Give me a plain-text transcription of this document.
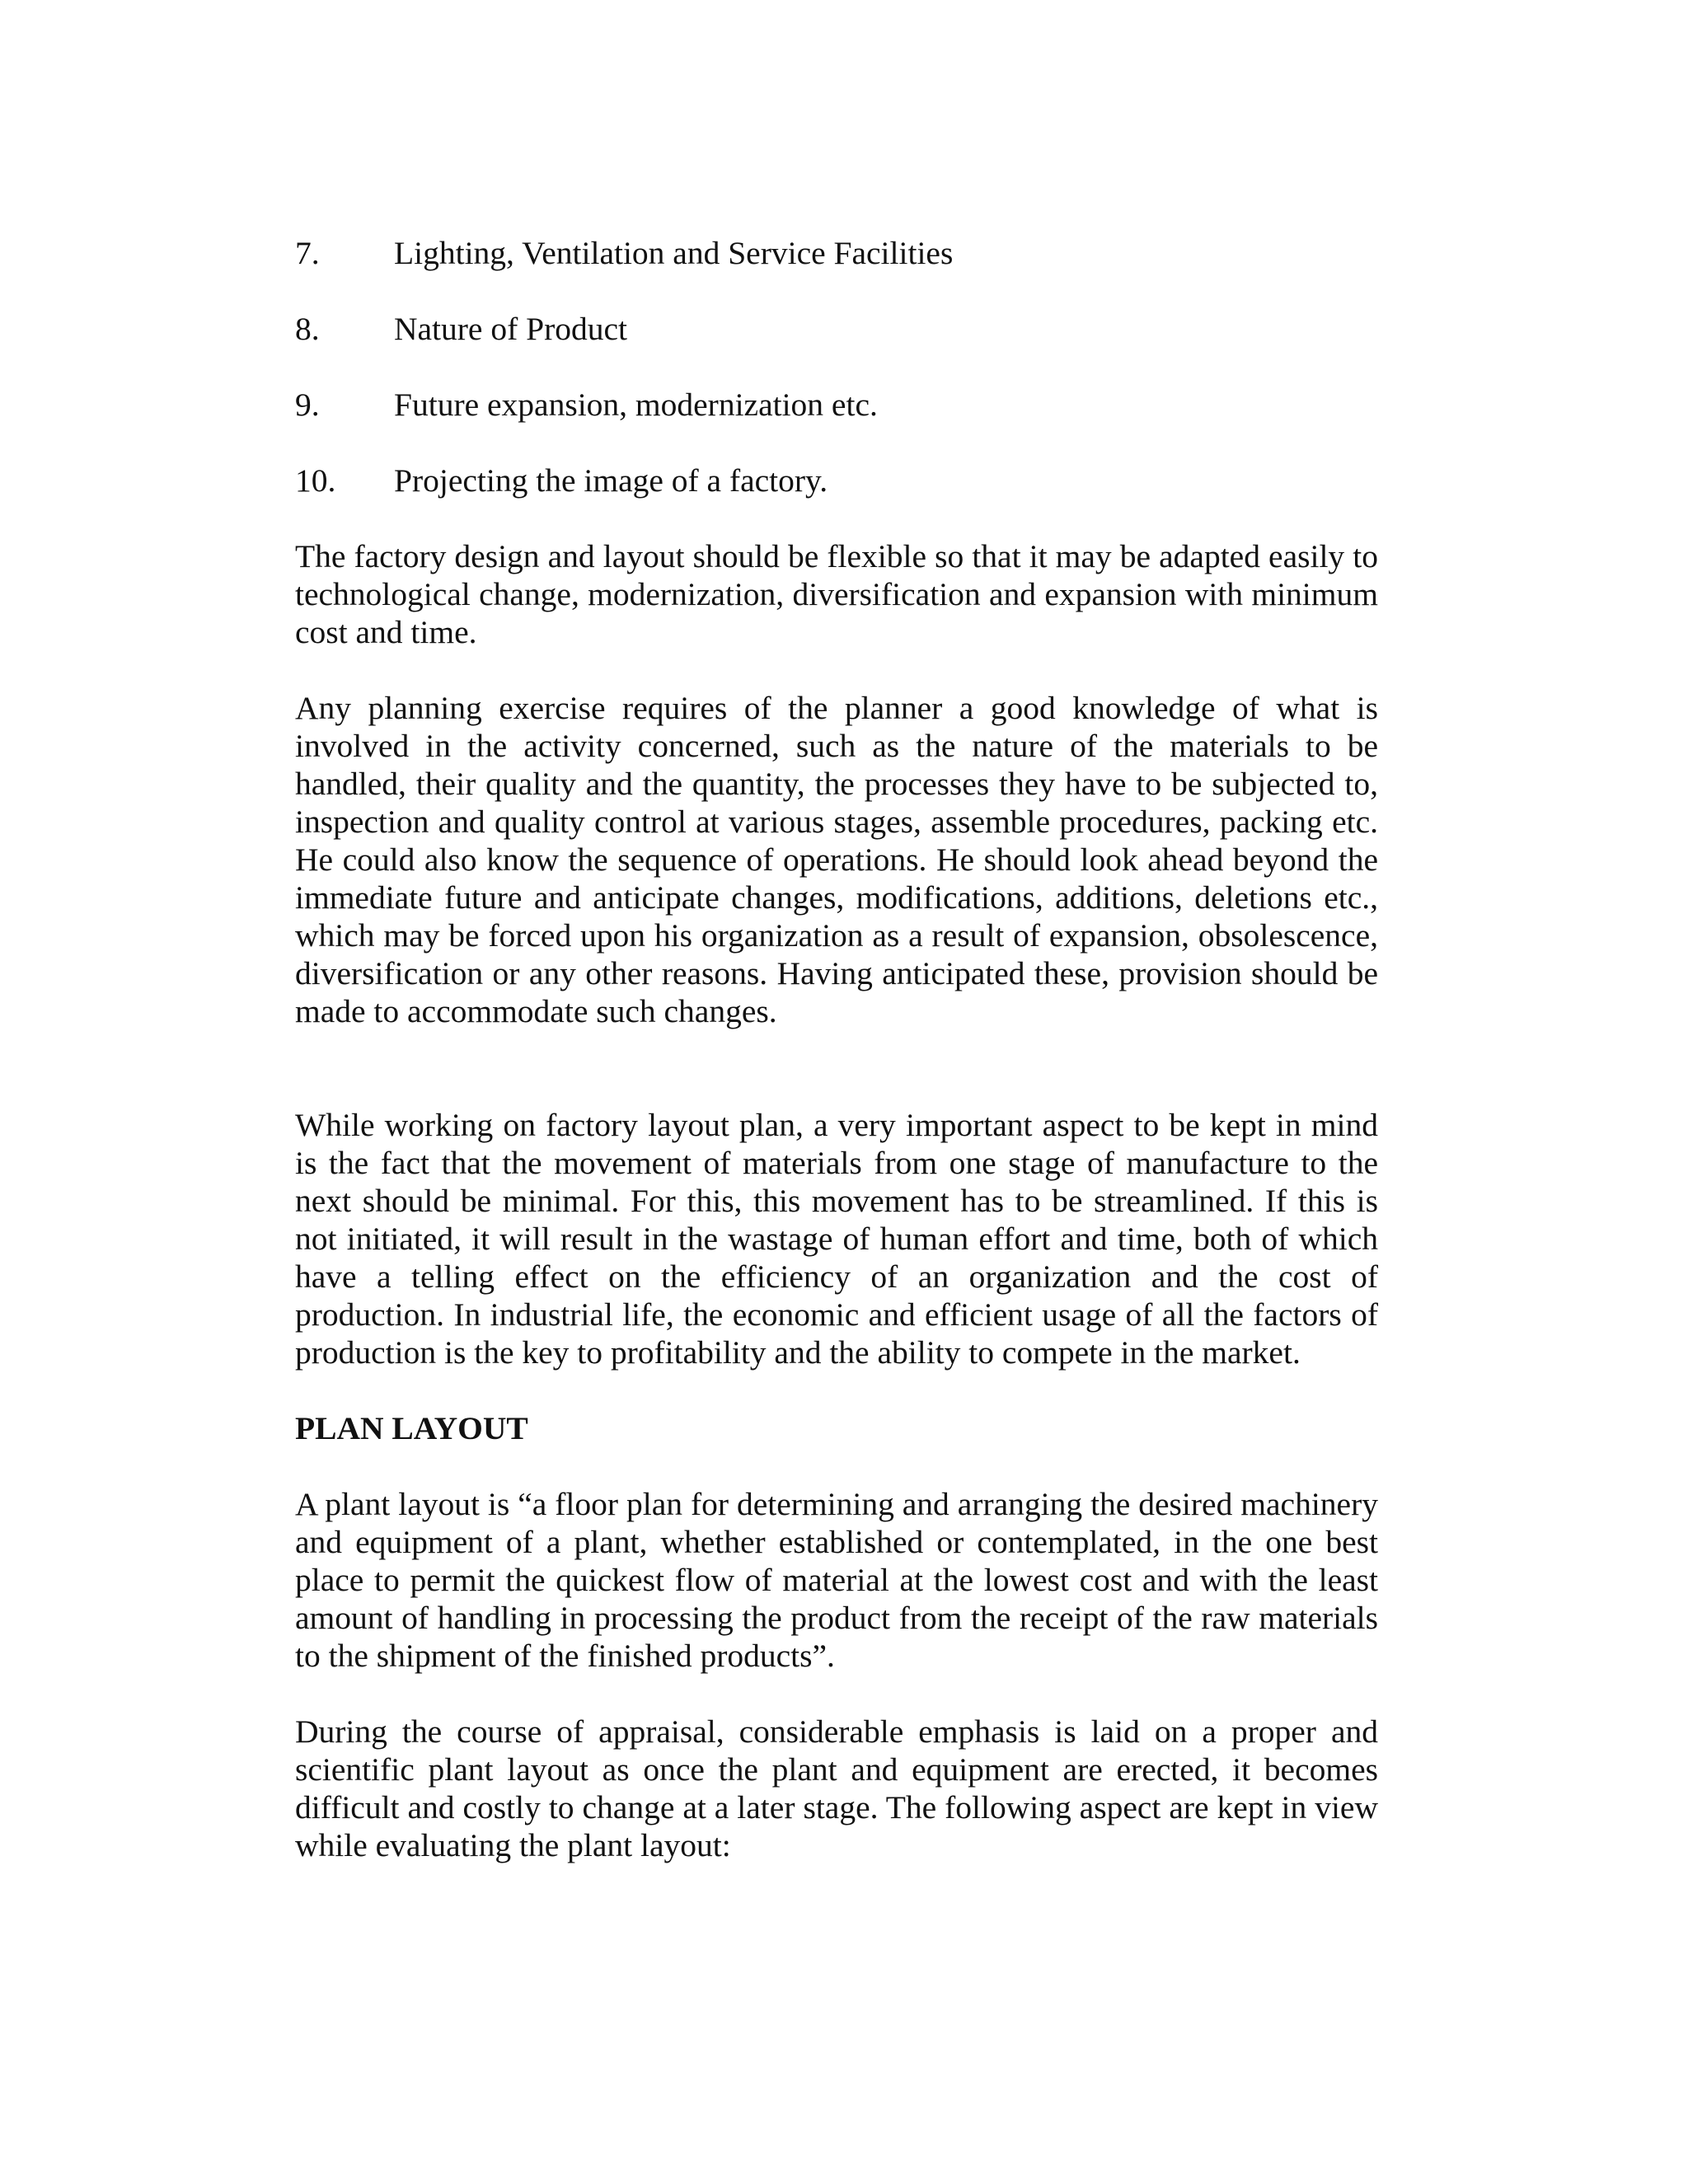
7.	Lighting, Ventilation and Service Facilities
8.	Nature of Product
9.	Future expansion, modernization etc.
10.	Projecting the image of a factory.

The factory design and layout should be flexible so that it may be adapted easily to technological change, modernization, diversification and expansion with minimum cost and time.

Any planning exercise requires of the planner a good knowledge of what is involved in the activity concerned, such as the nature of the materials to be handled, their quality and the quantity, the processes they have to be subjected to, inspection and quality control at various stages, assemble procedures, packing etc. He could also know the sequence of operations. He should look ahead beyond the immediate future and anticipate changes, modifications, additions, deletions etc., which may be forced upon his organization as a result of expansion, obsolescence, diversification or any other reasons. Having anticipated these, provision should be made to accommodate such changes.

While working on factory layout plan, a very important aspect to be kept in mind is the fact that the movement of materials from one stage of manufacture to the next should be minimal. For this, this movement has to be streamlined. If this is not initiated, it will result in the wastage of human effort and time, both of which have a telling effect on the efficiency of an organization and the cost of production. In industrial life, the economic and efficient usage of all the factors of production is the key to profitability and the ability to compete in the market.

PLAN LAYOUT

A plant layout is “a floor plan for determining and arranging the desired machinery and equipment of a plant, whether established or contemplated, in the one best place to permit the quickest flow of material at the lowest cost and with the least amount of handling in processing the product from the receipt of the raw materials to the shipment of the finished products”.

During the course of appraisal, considerable emphasis is laid on a proper and scientific plant layout as once the plant and equipment are erected, it becomes difficult and costly to change at a later stage. The following aspect are kept in view while evaluating the plant layout:
